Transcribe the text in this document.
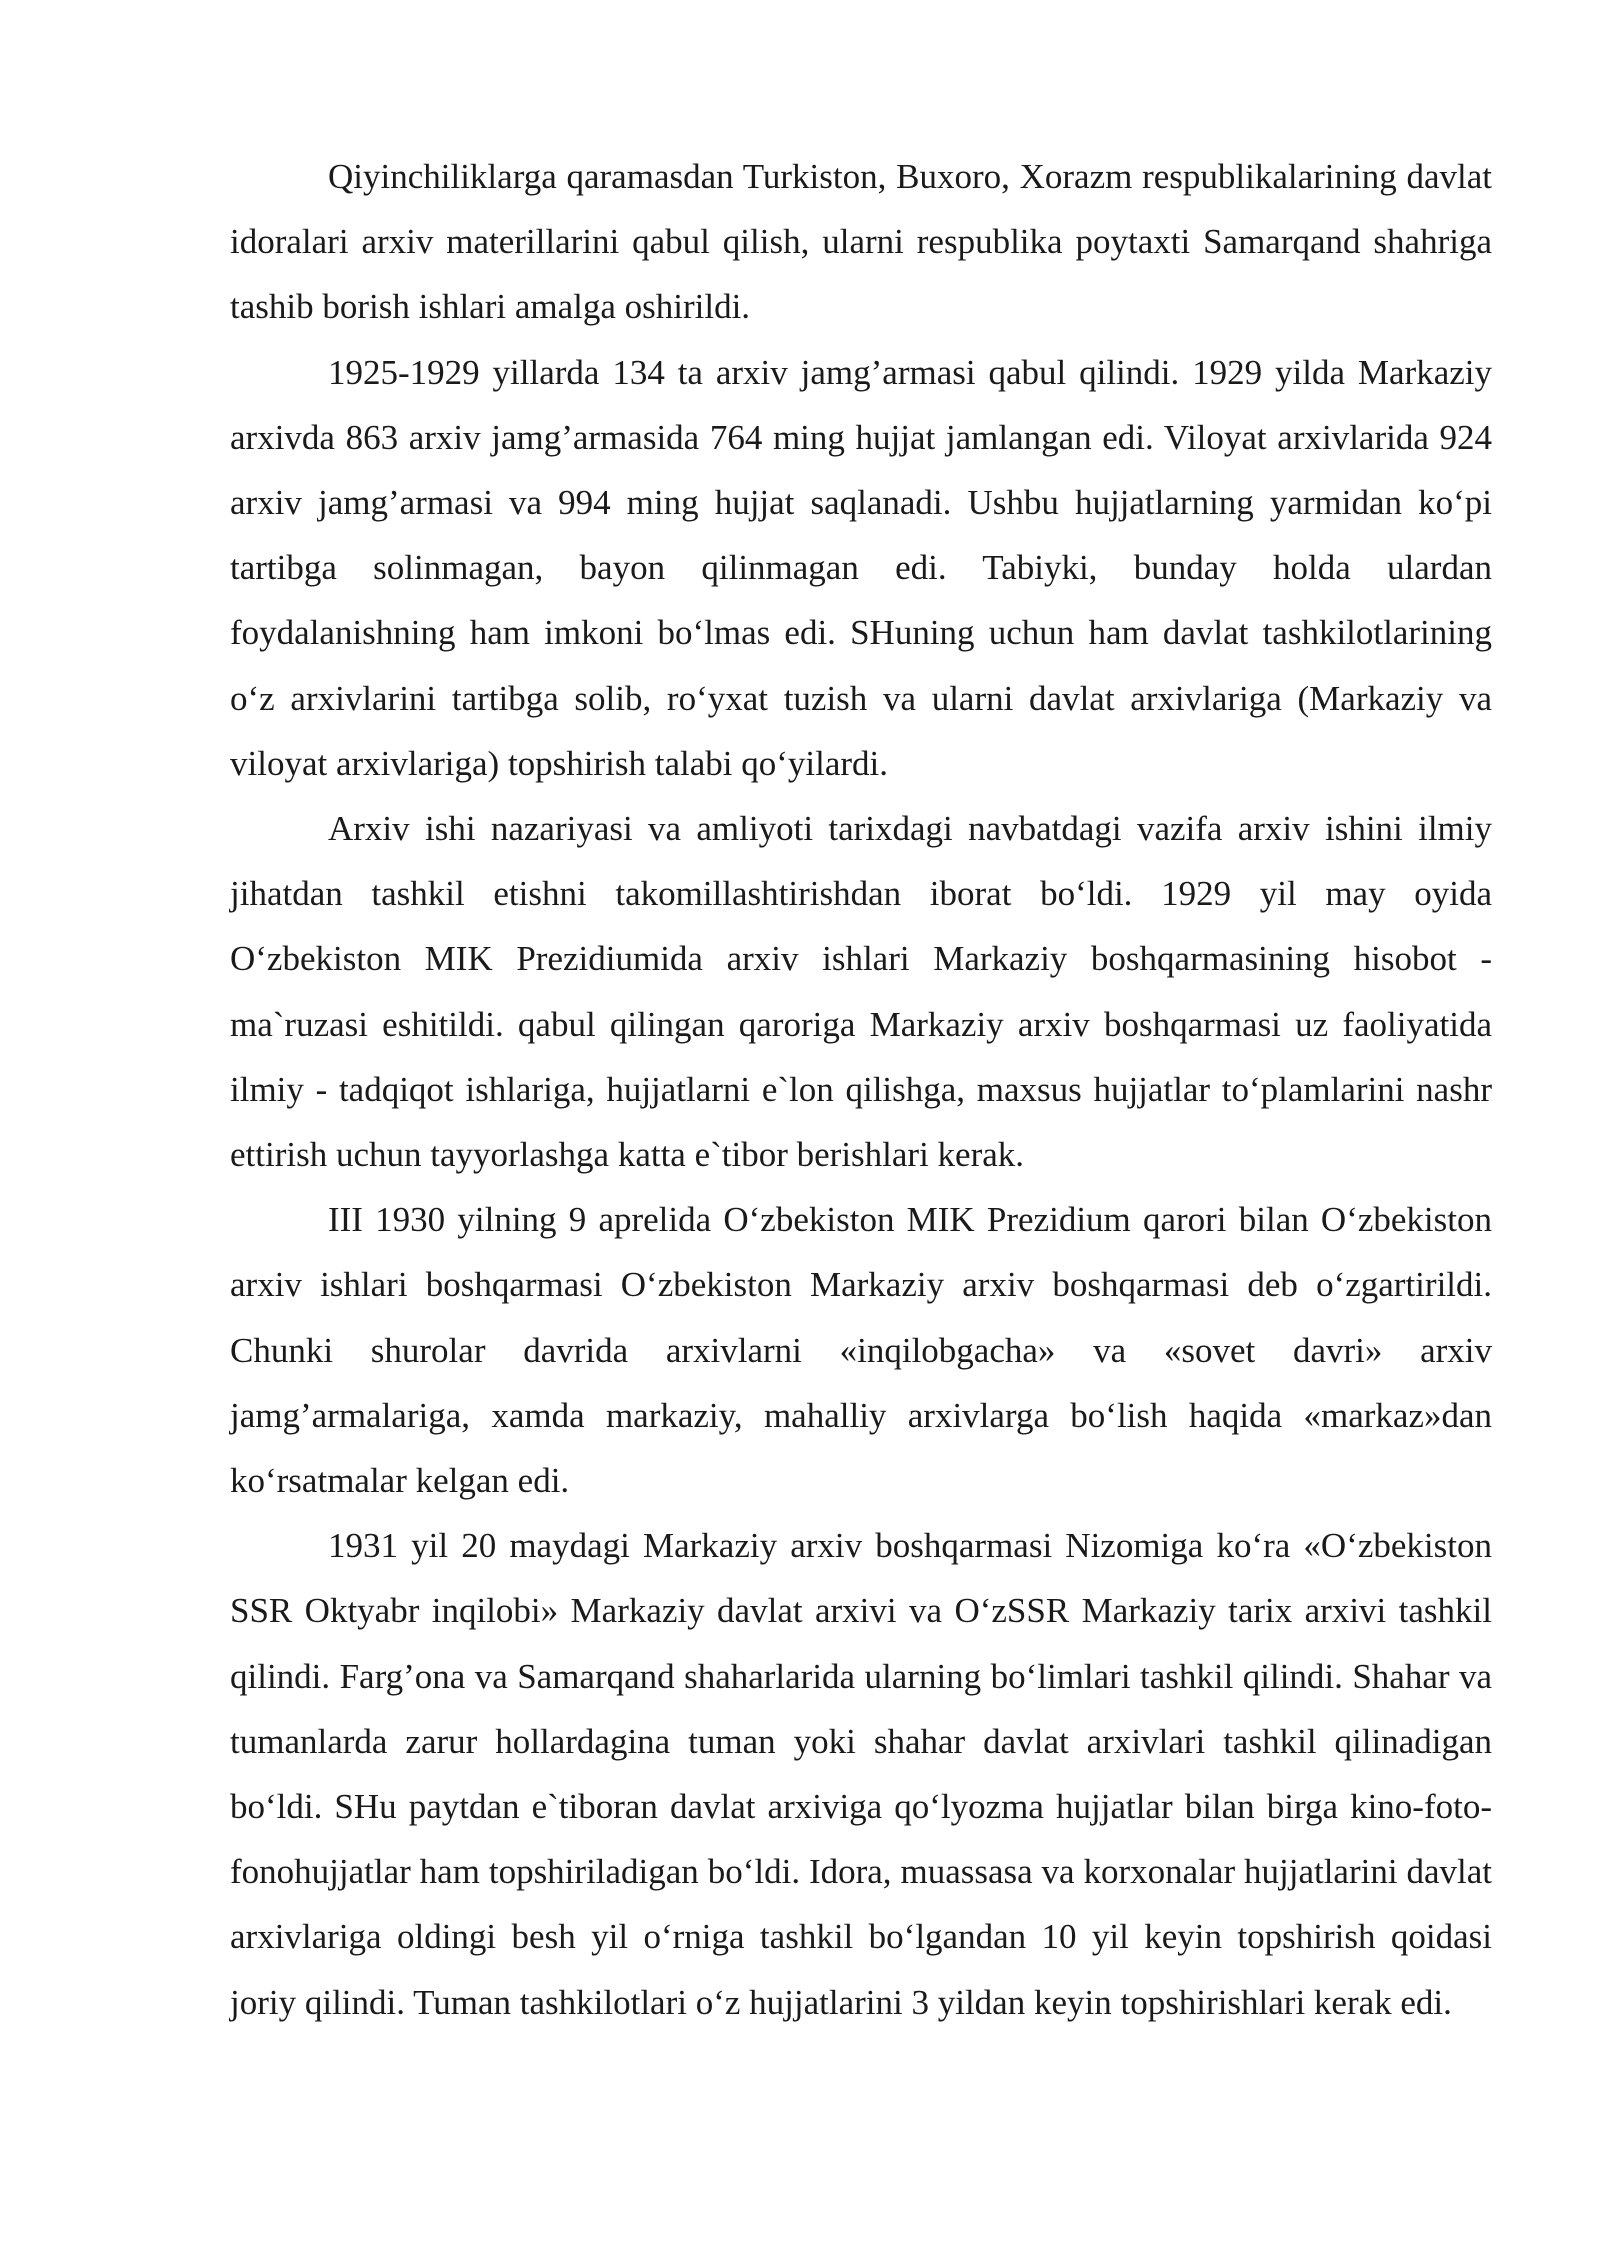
Qiyinchiliklarga qaramasdan Turkiston, Buxoro, Xorazm respublikalarining davlat idoralari arxiv materillarini qabul qilish, ularni respublika poytaxti Samarqand shahriga tashib borish ishlari amalga oshirildi.

1925-1929 yillarda 134 ta arxiv jamg’armasi qabul qilindi. 1929 yilda Markaziy arxivda 863 arxiv jamg’armasida 764 ming hujjat jamlangan edi. Viloyat arxivlarida 924 arxiv jamg’armasi va 994 ming hujjat saqlanadi. Ushbu hujjatlarning yarmidan ko‘pi tartibga solinmagan, bayon qilinmagan edi. Tabiyki, bunday holda ulardan foydalanishning ham imkoni bo‘lmas edi. SHuning uchun ham davlat tashkilotlarining o‘z arxivlarini tartibga solib, ro‘yxat tuzish va ularni davlat arxivlariga (Markaziy va viloyat arxivlariga) topshirish talabi qo‘yilardi.

Arxiv ishi nazariyasi va amliyoti tarixdagi navbatdagi vazifa arxiv ishini ilmiy jihatdan tashkil etishni takomillashtirishdan iborat bo‘ldi. 1929 yil may oyida O‘zbekiston MIK Prezidiumida arxiv ishlari Markaziy boshqarmasining hisobot - ma`ruzasi eshitildi. qabul qilingan qaroriga Markaziy arxiv boshqarmasi uz faoliyatida ilmiy - tadqiqot ishlariga, hujjatlarni e`lon qilishga, maxsus hujjatlar to‘plamlarini nashr ettirish uchun tayyorlashga katta e`tibor berishlari kerak.

III 1930 yilning 9 aprelida O‘zbekiston MIK Prezidium qarori bilan O‘zbekiston arxiv ishlari boshqarmasi O‘zbekiston Markaziy arxiv boshqarmasi deb o‘zgartirildi. Chunki shurolar davrida arxivlarni «inqilobgacha» va «sovet davri» arxiv jamg’armalariga, xamda markaziy, mahalliy arxivlarga bo‘lish haqida «markaz»dan ko‘rsatmalar kelgan edi.

1931 yil 20 maydagi Markaziy arxiv boshqarmasi Nizomiga ko‘ra «O‘zbekiston SSR Oktyabr inqilobi» Markaziy davlat arxivi va O‘zSSR Markaziy tarix arxivi tashkil qilindi. Farg’ona va Samarqand shaharlarida ularning bo‘limlari tashkil qilindi. Shahar va tumanlarda zarur hollardagina tuman yoki shahar davlat arxivlari tashkil qilinadigan bo‘ldi. SHu paytdan e`tiboran davlat arxiviga qo‘lyozma hujjatlar bilan birga kino-foto-fonohujjatlar ham topshiriladigan bo‘ldi. Idora, muassasa va korxonalar hujjatlarini davlat arxivlariga oldingi besh yil o‘rniga tashkil bo‘lgandan 10 yil keyin topshirish qoidasi joriy qilindi. Tuman tashkilotlari o‘z hujjatlarini 3 yildan keyin topshirishlari kerak edi.
